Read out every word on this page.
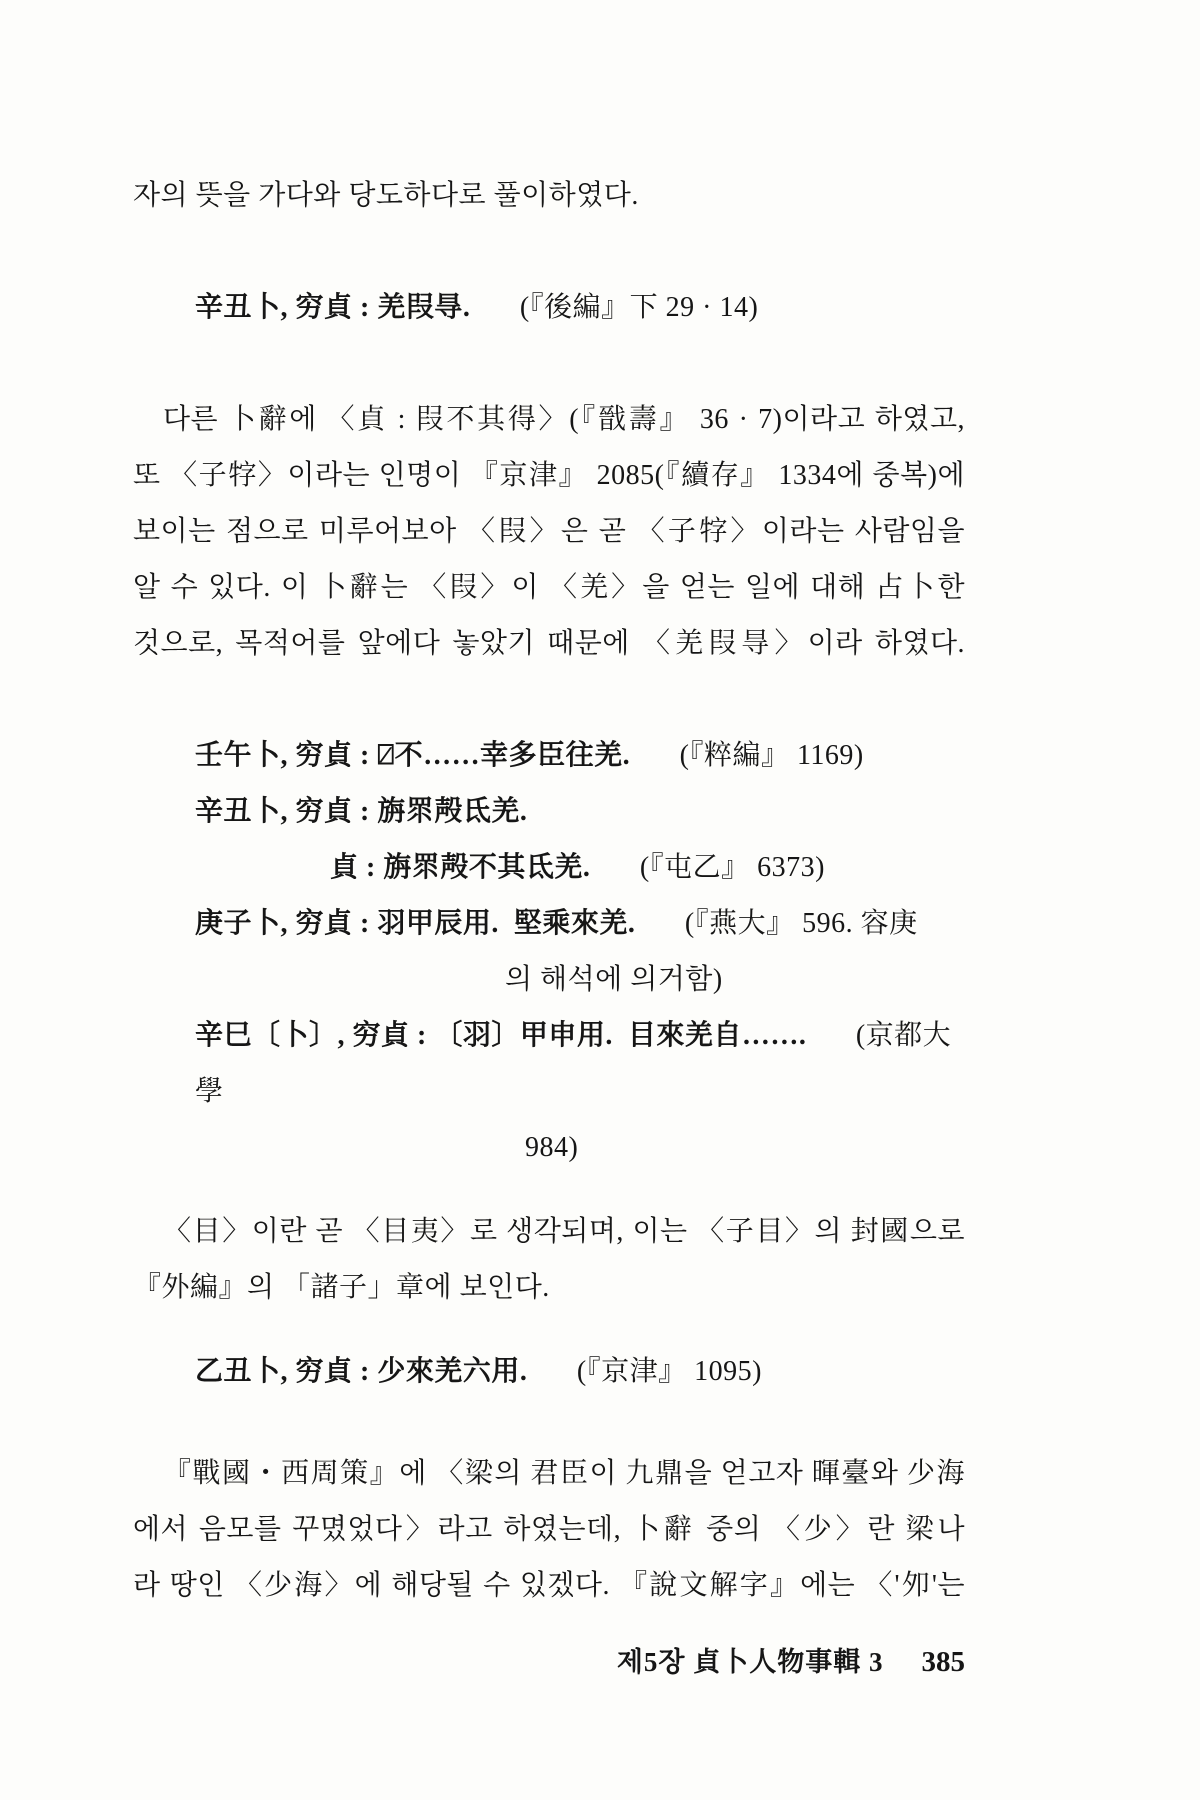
자의 뜻을 가다와 당도하다로 풀이하였다.
辛丑卜, 穷貞 : 羌叚㝵. (『後編』下 29 · 14)
다른 卜辭에 〈貞 : 叚不其得〉(『戩壽』 36 · 7)이라고 하였고,
또 〈子牸〉이라는 인명이 『京津』 2085(『續存』 1334에 중복)에
보이는 점으로 미루어보아 〈叚〉은 곧 〈子牸〉이라는 사람임을
알 수 있다. 이 卜辭는 〈叚〉이 〈羌〉을 얻는 일에 대해 占卜한
것으로, 목적어를 앞에다 놓았기 때문에 〈羌叚㝵〉이라 하였다.
壬午卜, 穷貞 : ⍁不……幸多臣往羌. (『粹編』 1169)
辛丑卜, 穷貞 : 旃眔殸氐羌.
貞 : 旃眔殸不其氐羌. (『屯乙』 6373)
庚子卜, 穷貞 : 羽甲辰用.  堅乘來羌. (『燕大』 596. 容庚
의 해석에 의거함)
辛巳〔卜〕, 穷貞 : 〔羽〕甲申用.  目來羌自……. (京都大學
984)
〈目〉이란 곧 〈目夷〉로 생각되며, 이는 〈子目〉의 封國으로
『外編』의 「諸子」章에 보인다.
乙丑卜, 穷貞 : 少來羌六用. (『京津』 1095)
『戰國・西周策』에 〈梁의 君臣이 九鼎을 얻고자 暉臺와 少海
에서 음모를 꾸몄었다〉라고 하였는데, 卜辭 중의 〈少〉란 梁나
라 땅인 〈少海〉에 해당될 수 있겠다. 『說文解字』에는 〈'夘'는
제5장 貞卜人物事輯 3 385
